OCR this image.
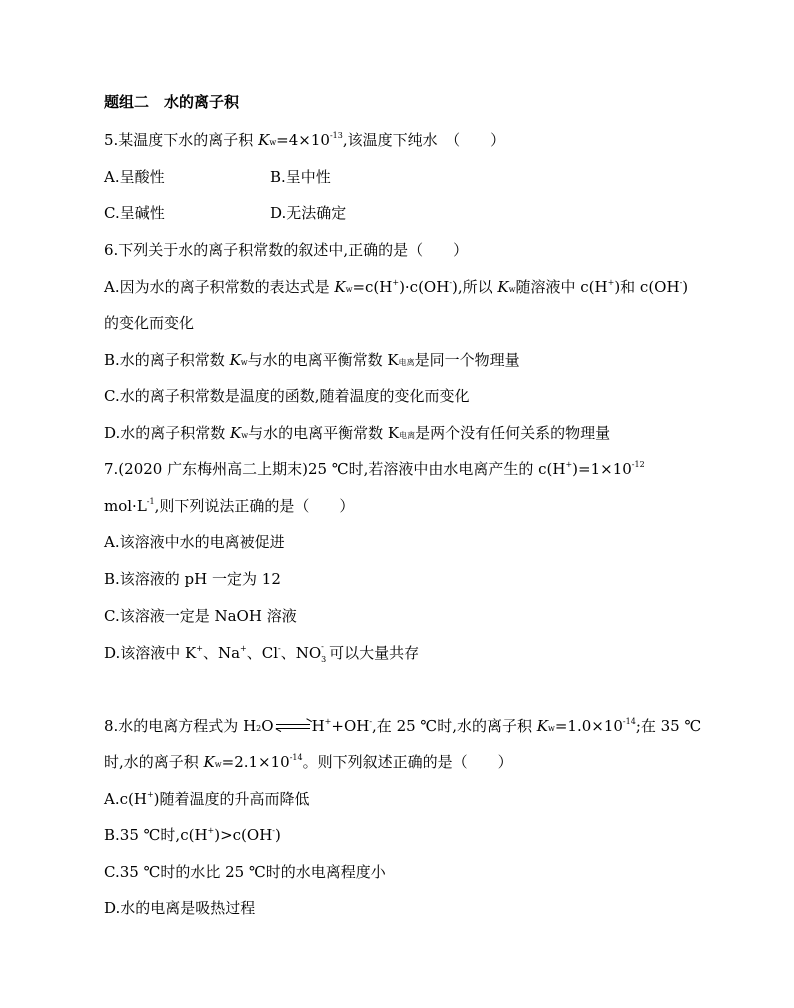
题组二　水的离子积
5.某温度下水的离子积 $K_w=4\times 10^{-13}$,该温度下纯水　（　　）
A.呈酸性	B.呈中性
C.呈碱性	D.无法确定
6.下列关于水的离子积常数的叙述中,正确的是（　　）
A.因为水的离子积常数的表达式是 $K_w=c(H^+)\cdot c(OH^-)$,所以 $K_w$随溶液中 c(H+)和 c(OH-)
的变化而变化
B.水的离子积常数 $K_w$与水的电离平衡常数 $K_{电离}$是同一个物理量
C.水的离子积常数是温度的函数,随着温度的变化而变化
D.水的离子积常数 $K_w$与水的电离平衡常数 $K_{电离}$是两个没有任何关系的物理量
7.(2020 广东梅州高二上期末)25 ℃时,若溶液中由水电离产生的 $c(H^+)=1\times 10^{-12}$
$mol\cdot L^{-1}$,则下列说法正确的是（　　）
A.该溶液中水的电离被促进
B.该溶液的 pH 一定为 12
C.该溶液一定是 NaOH 溶液
D.该溶液中 K+、Na+、Cl-、NO -
3 可以大量共存
8.水的电离方程式为 $H_2O$ ⇌ H++OH-,在 25 ℃时,水的离子积 $K_w=1.0\times 10^{-14}$;在 35 ℃
时,水的离子积 $K_w=2.1\times 10^{-14}$。则下列叙述正确的是（　　）
A.c(H+)随着温度的升高而降低
B.35 ℃时,c(H+)>c(OH-)
C.35 ℃时的水比 25 ℃时的水电离程度小
D.水的电离是吸热过程
